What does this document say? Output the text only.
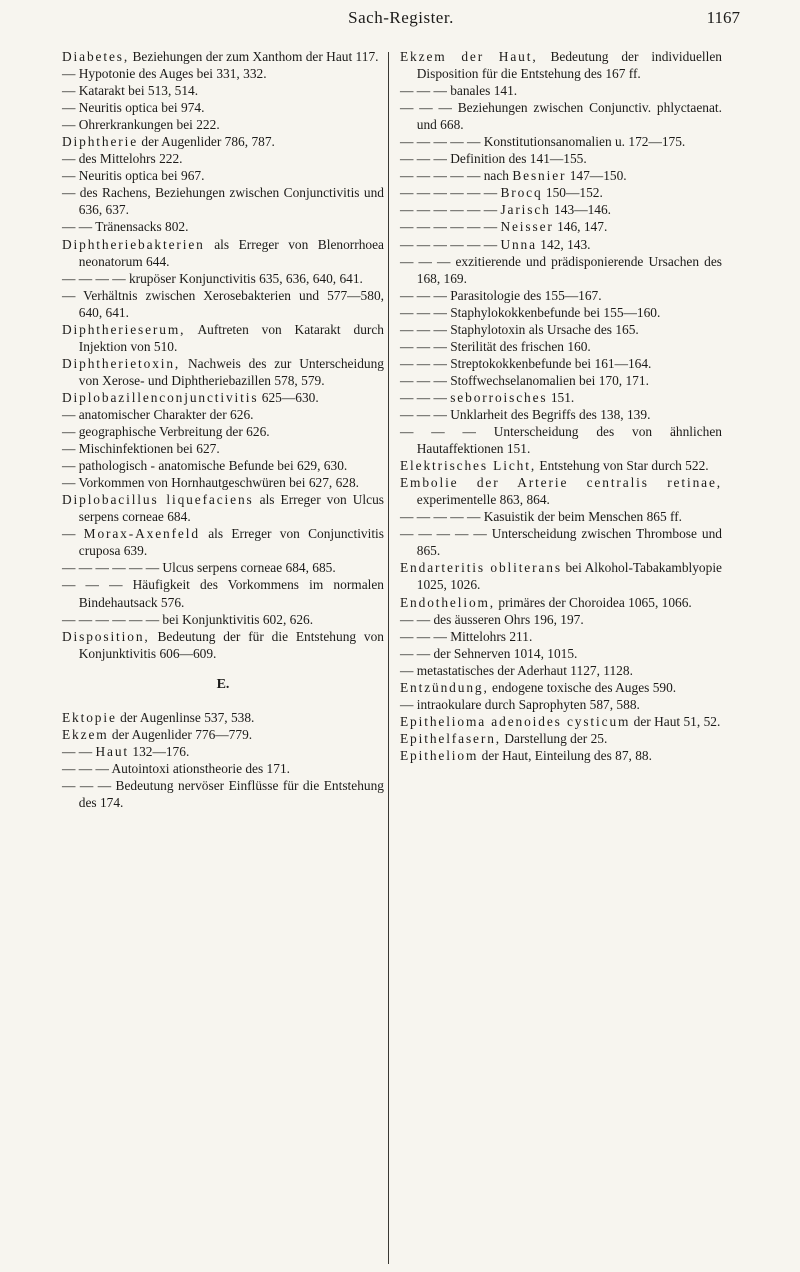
Sach-Register.	1167

Diabetes, Beziehungen der zum Xanthom der Haut 117.

— Hypotonie des Auges bei 331, 332.

— Katarakt bei 513, 514.

— Neuritis optica bei 974.

— Ohrerkrankungen bei 222.

Diphtherie der Augenlider 786, 787.

— des Mittelohrs 222.

— Neuritis optica bei 967.

— des Rachens, Beziehungen zwischen Conjunctivitis und 636, 637.

— — Tränensacks 802.

Diphtheriebakterien als Erreger von Blenorrhoea neonatorum 644.

— — — — krupöser Konjunctivitis 635, 636, 640, 641.

— Verhältnis zwischen Xerosebakterien und 577—580, 640, 641.

Diphtherieserum, Auftreten von Katarakt durch Injektion von 510.

Diphtherietoxin, Nachweis des zur Unterscheidung von Xerose- und Diphtheriebazillen 578, 579.

Diplobazillenconjunctivitis 625—630.

— anatomischer Charakter der 626.

— geographische Verbreitung der 626.

— Mischinfektionen bei 627.

— pathologisch - anatomische Befunde bei 629, 630.

— Vorkommen von Hornhautgeschwüren bei 627, 628.

Diplobacillus liquefaciens als Erreger von Ulcus serpens corneae 684.

— Morax-Axenfeld als Erreger von Conjunctivitis cruposa 639.

— — — — — — Ulcus serpens corneae 684, 685.

— — — Häufigkeit des Vorkommens im normalen Bindehautsack 576.

— — — — — — bei Konjunktivitis 602, 626.

Disposition, Bedeutung der für die Entstehung von Konjunktivitis 606—609.

E.

Ektopie der Augenlinse 537, 538.

Ekzem der Augenlider 776—779.

— — Haut 132—176.

— — — Autointoxi ationstheorie des 171.

— — — Bedeutung nervöser Einflüsse für die Entstehung des 174.

Ekzem der Haut, Bedeutung der individuellen Disposition für die Entstehung des 167 ff.

— — — banales 141.

— — — Beziehungen zwischen Conjunctiv. phlyctaenat. und 668.

— — — — — Konstitutionsanomalien u. 172—175.

— — — Definition des 141—155.

— — — — — nach Besnier 147—150.

— — — — — — Brocq 150—152.

— — — — — — Jarisch 143—146.

— — — — — — Neisser 146, 147.

— — — — — — Unna 142, 143.

— — — exzitierende und prädisponierende Ursachen des 168, 169.

— — — Parasitologie des 155—167.

— — — Staphylokokkenbefunde bei 155—160.

— — — Staphylotoxin als Ursache des 165.

— — — Sterilität des frischen 160.

— — — Streptokokkenbefunde bei 161—164.

— — — Stoffwechselanomalien bei 170, 171.

— — — seborroisches 151.

— — — Unklarheit des Begriffs des 138, 139.

— — — Unterscheidung des von ähnlichen Hautaffektionen 151.

Elektrisches Licht, Entstehung von Star durch 522.

Embolie der Arterie centralis retinae, experimentelle 863, 864.

— — — — — Kasuistik der beim Menschen 865 ff.

— — — — — Unterscheidung zwischen Thrombose und 865.

Endarteritis obliterans bei Alkohol-Tabakamblyopie 1025, 1026.

Endotheliom, primäres der Choroidea 1065, 1066.

— — des äusseren Ohrs 196, 197.

— — — Mittelohrs 211.

— — der Sehnerven 1014, 1015.

— metastatisches der Aderhaut 1127, 1128.

Entzündung, endogene toxische des Auges 590.

— intraokulare durch Saprophyten 587, 588.

Epithelioma adenoides cysticum der Haut 51, 52.

Epithelfasern, Darstellung der 25.

Epitheliom der Haut, Einteilung des 87, 88.
